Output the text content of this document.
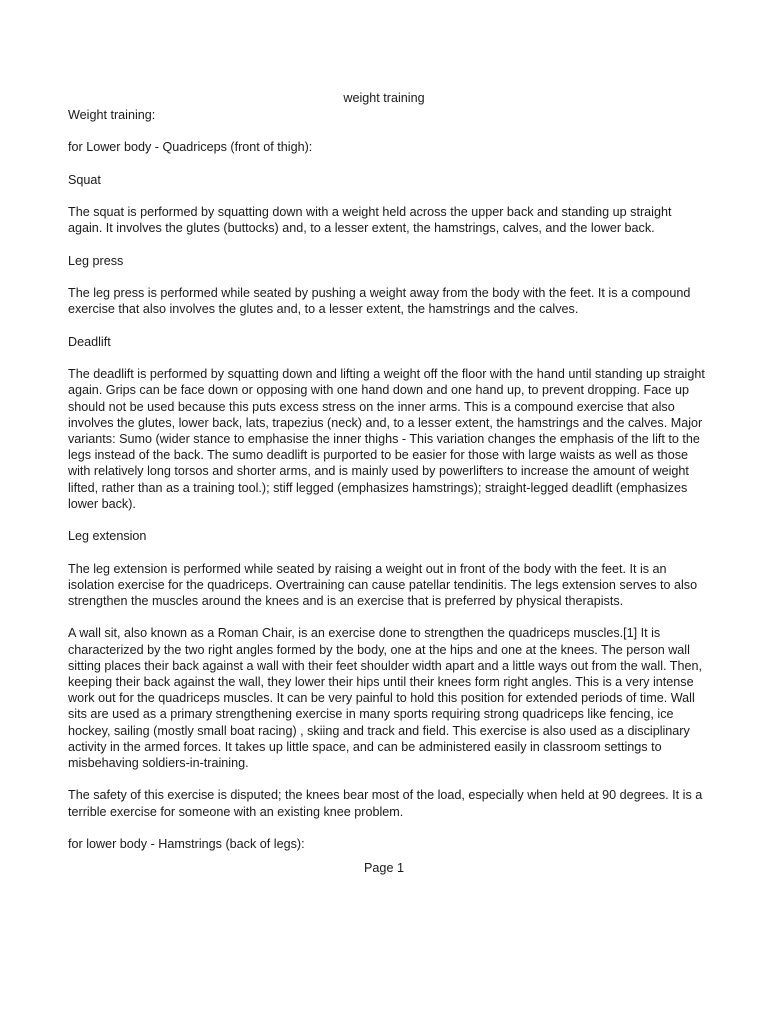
weight training

Weight training:

for Lower body - Quadriceps (front of thigh):

Squat

The squat is performed by squatting down with a weight held across the upper back and standing up straight again. It involves the glutes (buttocks) and, to a lesser extent, the hamstrings, calves, and the lower back.

Leg press

The leg press is performed while seated by pushing a weight away from the body with the feet. It is a compound exercise that also involves the glutes and, to a lesser extent, the hamstrings and the calves.

Deadlift

The deadlift is performed by squatting down and lifting a weight off the floor with the hand until standing up straight again. Grips can be face down or opposing with one hand down and one hand up, to prevent dropping. Face up should not be used because this puts excess stress on the inner arms. This is a compound exercise that also involves the glutes, lower back, lats, trapezius (neck) and, to a lesser extent, the hamstrings and the calves. Major variants: Sumo (wider stance to emphasise the inner thighs - This variation changes the emphasis of the lift to the legs instead of the back. The sumo deadlift is purported to be easier for those with large waists as well as those with relatively long torsos and shorter arms, and is mainly used by powerlifters to increase the amount of weight lifted, rather than as a training tool.); stiff legged (emphasizes hamstrings); straight-legged deadlift (emphasizes lower back).

Leg extension

The leg extension is performed while seated by raising a weight out in front of the body with the feet. It is an isolation exercise for the quadriceps. Overtraining can cause patellar tendinitis. The legs extension serves to also strengthen the muscles around the knees and is an exercise that is preferred by physical therapists.

A wall sit, also known as a Roman Chair, is an exercise done to strengthen the quadriceps muscles.[1] It is characterized by the two right angles formed by the body, one at the hips and one at the knees. The person wall sitting places their back against a wall with their feet shoulder width apart and a little ways out from the wall. Then, keeping their back against the wall, they lower their hips until their knees form right angles. This is a very intense work out for the quadriceps muscles. It can be very painful to hold this position for extended periods of time. Wall sits are used as a primary strengthening exercise in many sports requiring strong quadriceps like fencing, ice hockey, sailing (mostly small boat racing) , skiing and track and field. This exercise is also used as a disciplinary activity in the armed forces. It takes up little space, and can be administered easily in classroom settings to misbehaving soldiers-in-training.

The safety of this exercise is disputed; the knees bear most of the load, especially when held at 90 degrees. It is a terrible exercise for someone with an existing knee problem.

for lower body - Hamstrings (back of legs):

Page 1
